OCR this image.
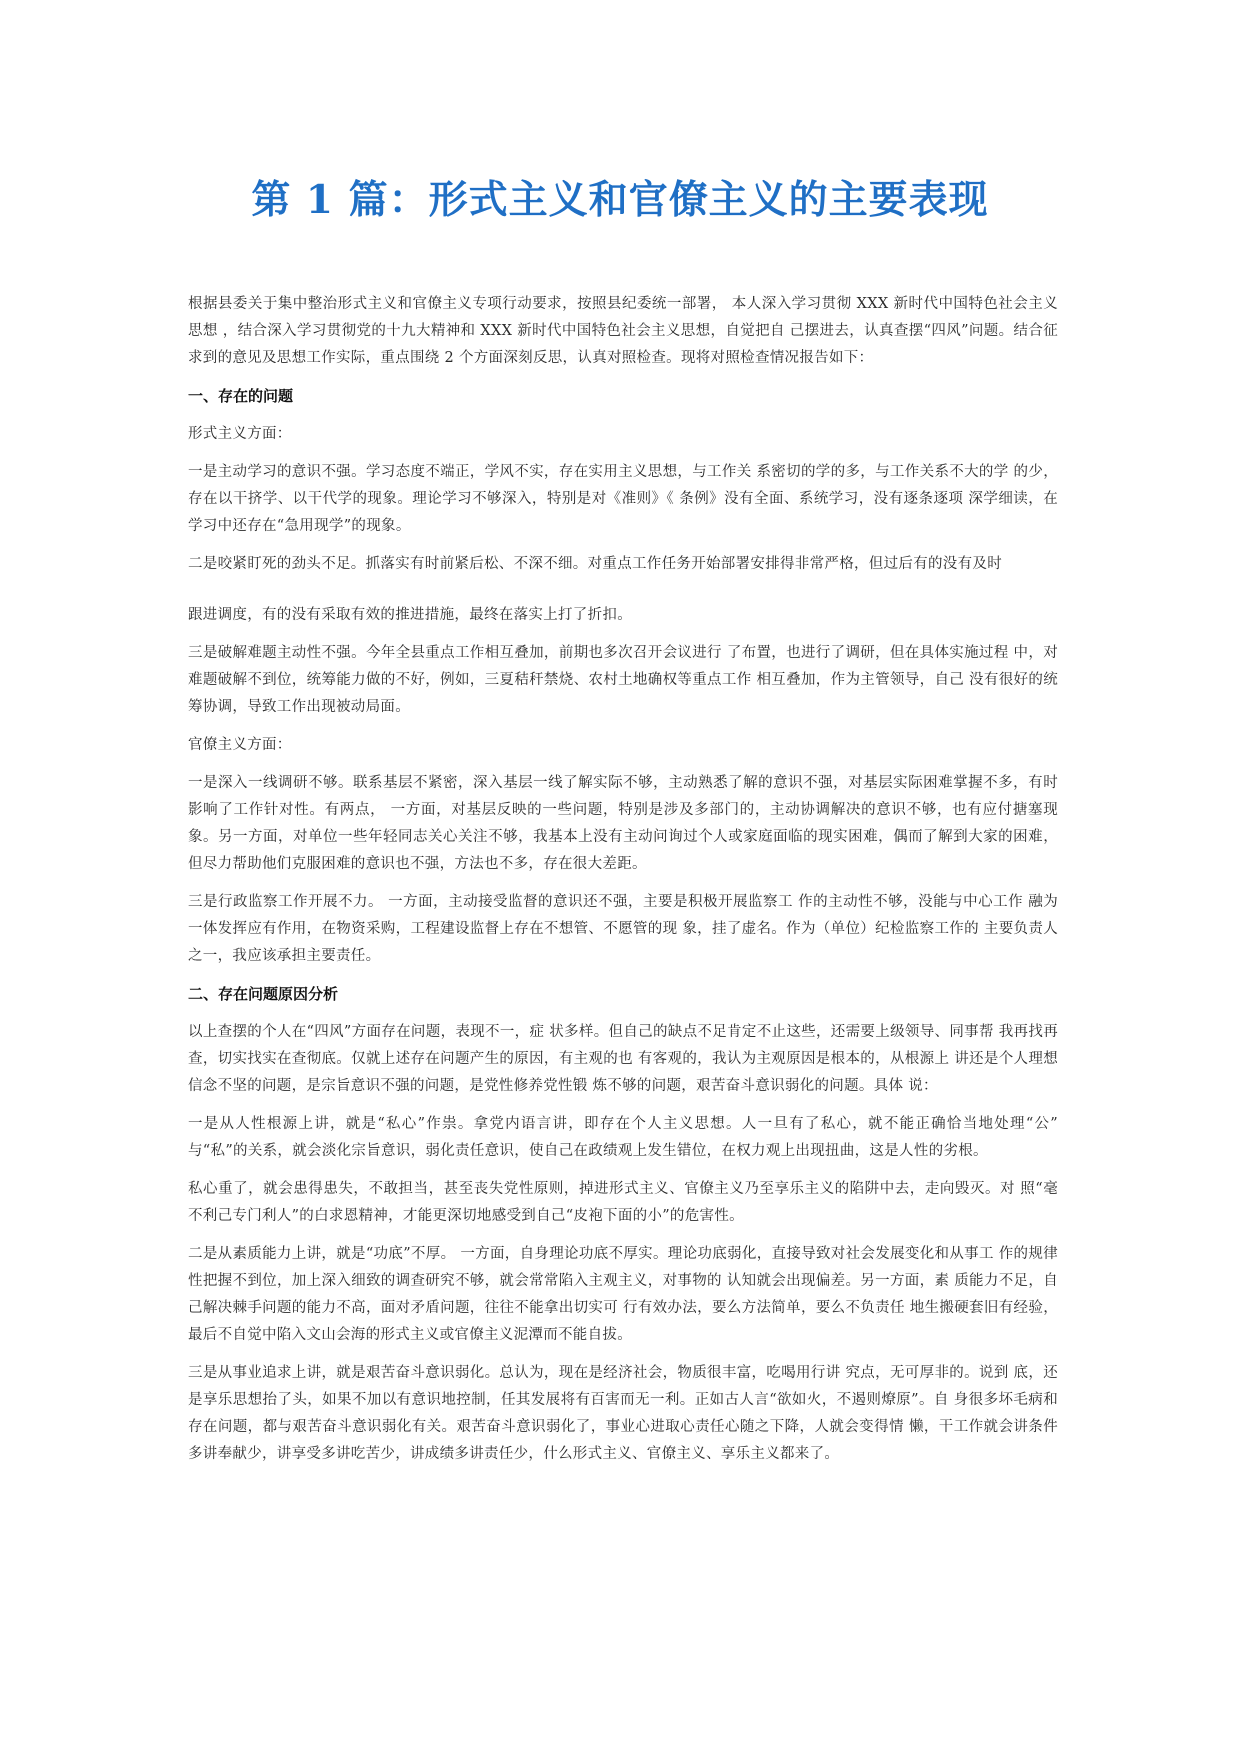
第 1 篇：形式主义和官僚主义的主要表现

根据县委关于集中整治形式主义和官僚主义专项行动要求，按照县纪委统一部署， 本人深入学习贯彻 XXX 新时代中国特色社会主义思想 ，结合深入学习贯彻党的十九大精神和 XXX 新时代中国特色社会主义思想，自觉把自 己摆进去，认真查摆“四风”问题。结合征求到的意见及思想工作实际，重点围绕 2 个方面深刻反思，认真对照检查。现将对照检查情况报告如下：

一、存在的问题

形式主义方面：

一是主动学习的意识不强。学习态度不端正，学风不实，存在实用主义思想，与工作关 系密切的学的多，与工作关系不大的学 的少，存在以干挤学、以干代学的现象。理论学习不够深入，特别是对《准则》《 条例》没有全面、系统学习，没有逐条逐项 深学细读，在学习中还存在“急用现学”的现象。

二是咬紧盯死的劲头不足。抓落实有时前紧后松、不深不细。对重点工作任务开始部署安排得非常严格，但过后有的没有及时

跟进调度，有的没有采取有效的推进措施，最终在落实上打了折扣。

三是破解难题主动性不强。今年全县重点工作相互叠加，前期也多次召开会议进行 了布置，也进行了调研，但在具体实施过程 中，对难题破解不到位，统筹能力做的不好，例如，三夏秸秆禁烧、农村土地确权等重点工作 相互叠加，作为主管领导，自己 没有很好的统筹协调，导致工作出现被动局面。

官僚主义方面：

一是深入一线调研不够。联系基层不紧密，深入基层一线了解实际不够，主动熟悉了解的意识不强，对基层实际困难掌握不多，有时影响了工作针对性。有两点， 一方面，对基层反映的一些问题，特别是涉及多部门的，主动协调解决的意识不够，也有应付搪塞现象。另一方面，对单位一些年轻同志关心关注不够，我基本上没有主动问询过个人或家庭面临的现实困难，偶而了解到大家的困难，但尽力帮助他们克服困难的意识也不强，方法也不多，存在很大差距。

三是行政监察工作开展不力。 一方面，主动接受监督的意识还不强，主要是积极开展监察工 作的主动性不够，没能与中心工作 融为一体发挥应有作用，在物资采购，工程建设监督上存在不想管、不愿管的现 象，挂了虚名。作为（单位）纪检监察工作的 主要负责人之一，我应该承担主要责任。

二、存在问题原因分析

以上查摆的个人在“四风”方面存在问题，表现不一，症 状多样。但自己的缺点不足肯定不止这些，还需要上级领导、同事帮 我再找再查，切实找实在查彻底。仅就上述存在问题产生的原因，有主观的也 有客观的，我认为主观原因是根本的，从根源上 讲还是个人理想信念不坚的问题，是宗旨意识不强的问题，是党性修养党性锻 炼不够的问题，艰苦奋斗意识弱化的问题。具体 说：

一是从人性根源上讲，就是“私心”作祟。拿党内语言讲，即存在个人主义思想。人一旦有了私心，就不能正确恰当地处理“公” 与“私”的关系，就会淡化宗旨意识，弱化责任意识，使自己在政绩观上发生错位，在权力观上出现扭曲，这是人性的劣根。

私心重了，就会患得患失，不敢担当，甚至丧失党性原则，掉进形式主义、官僚主义乃至享乐主义的陷阱中去，走向毁灭。对 照“毫不利己专门利人”的白求恩精神，才能更深切地感受到自己“皮袍下面的小”的危害性。

二是从素质能力上讲，就是“功底”不厚。 一方面，自身理论功底不厚实。理论功底弱化，直接导致对社会发展变化和从事工 作的规律性把握不到位，加上深入细致的调查研究不够，就会常常陷入主观主义，对事物的 认知就会出现偏差。另一方面，素 质能力不足，自己解决棘手问题的能力不高，面对矛盾问题，往往不能拿出切实可 行有效办法，要么方法简单，要么不负责任 地生搬硬套旧有经验，最后不自觉中陷入文山会海的形式主义或官僚主义泥潭而不能自拔。

三是从事业追求上讲，就是艰苦奋斗意识弱化。总认为，现在是经济社会，物质很丰富，吃喝用行讲 究点，无可厚非的。说到 底，还是享乐思想抬了头，如果不加以有意识地控制，任其发展将有百害而无一利。正如古人言“欲如火，不遏则燎原”。自 身很多坏毛病和存在问题，都与艰苦奋斗意识弱化有关。艰苦奋斗意识弱化了，事业心进取心责任心随之下降，人就会变得情 懒，干工作就会讲条件多讲奉献少，讲享受多讲吃苦少，讲成绩多讲责任少，什么形式主义、官僚主义、享乐主义都来了。
